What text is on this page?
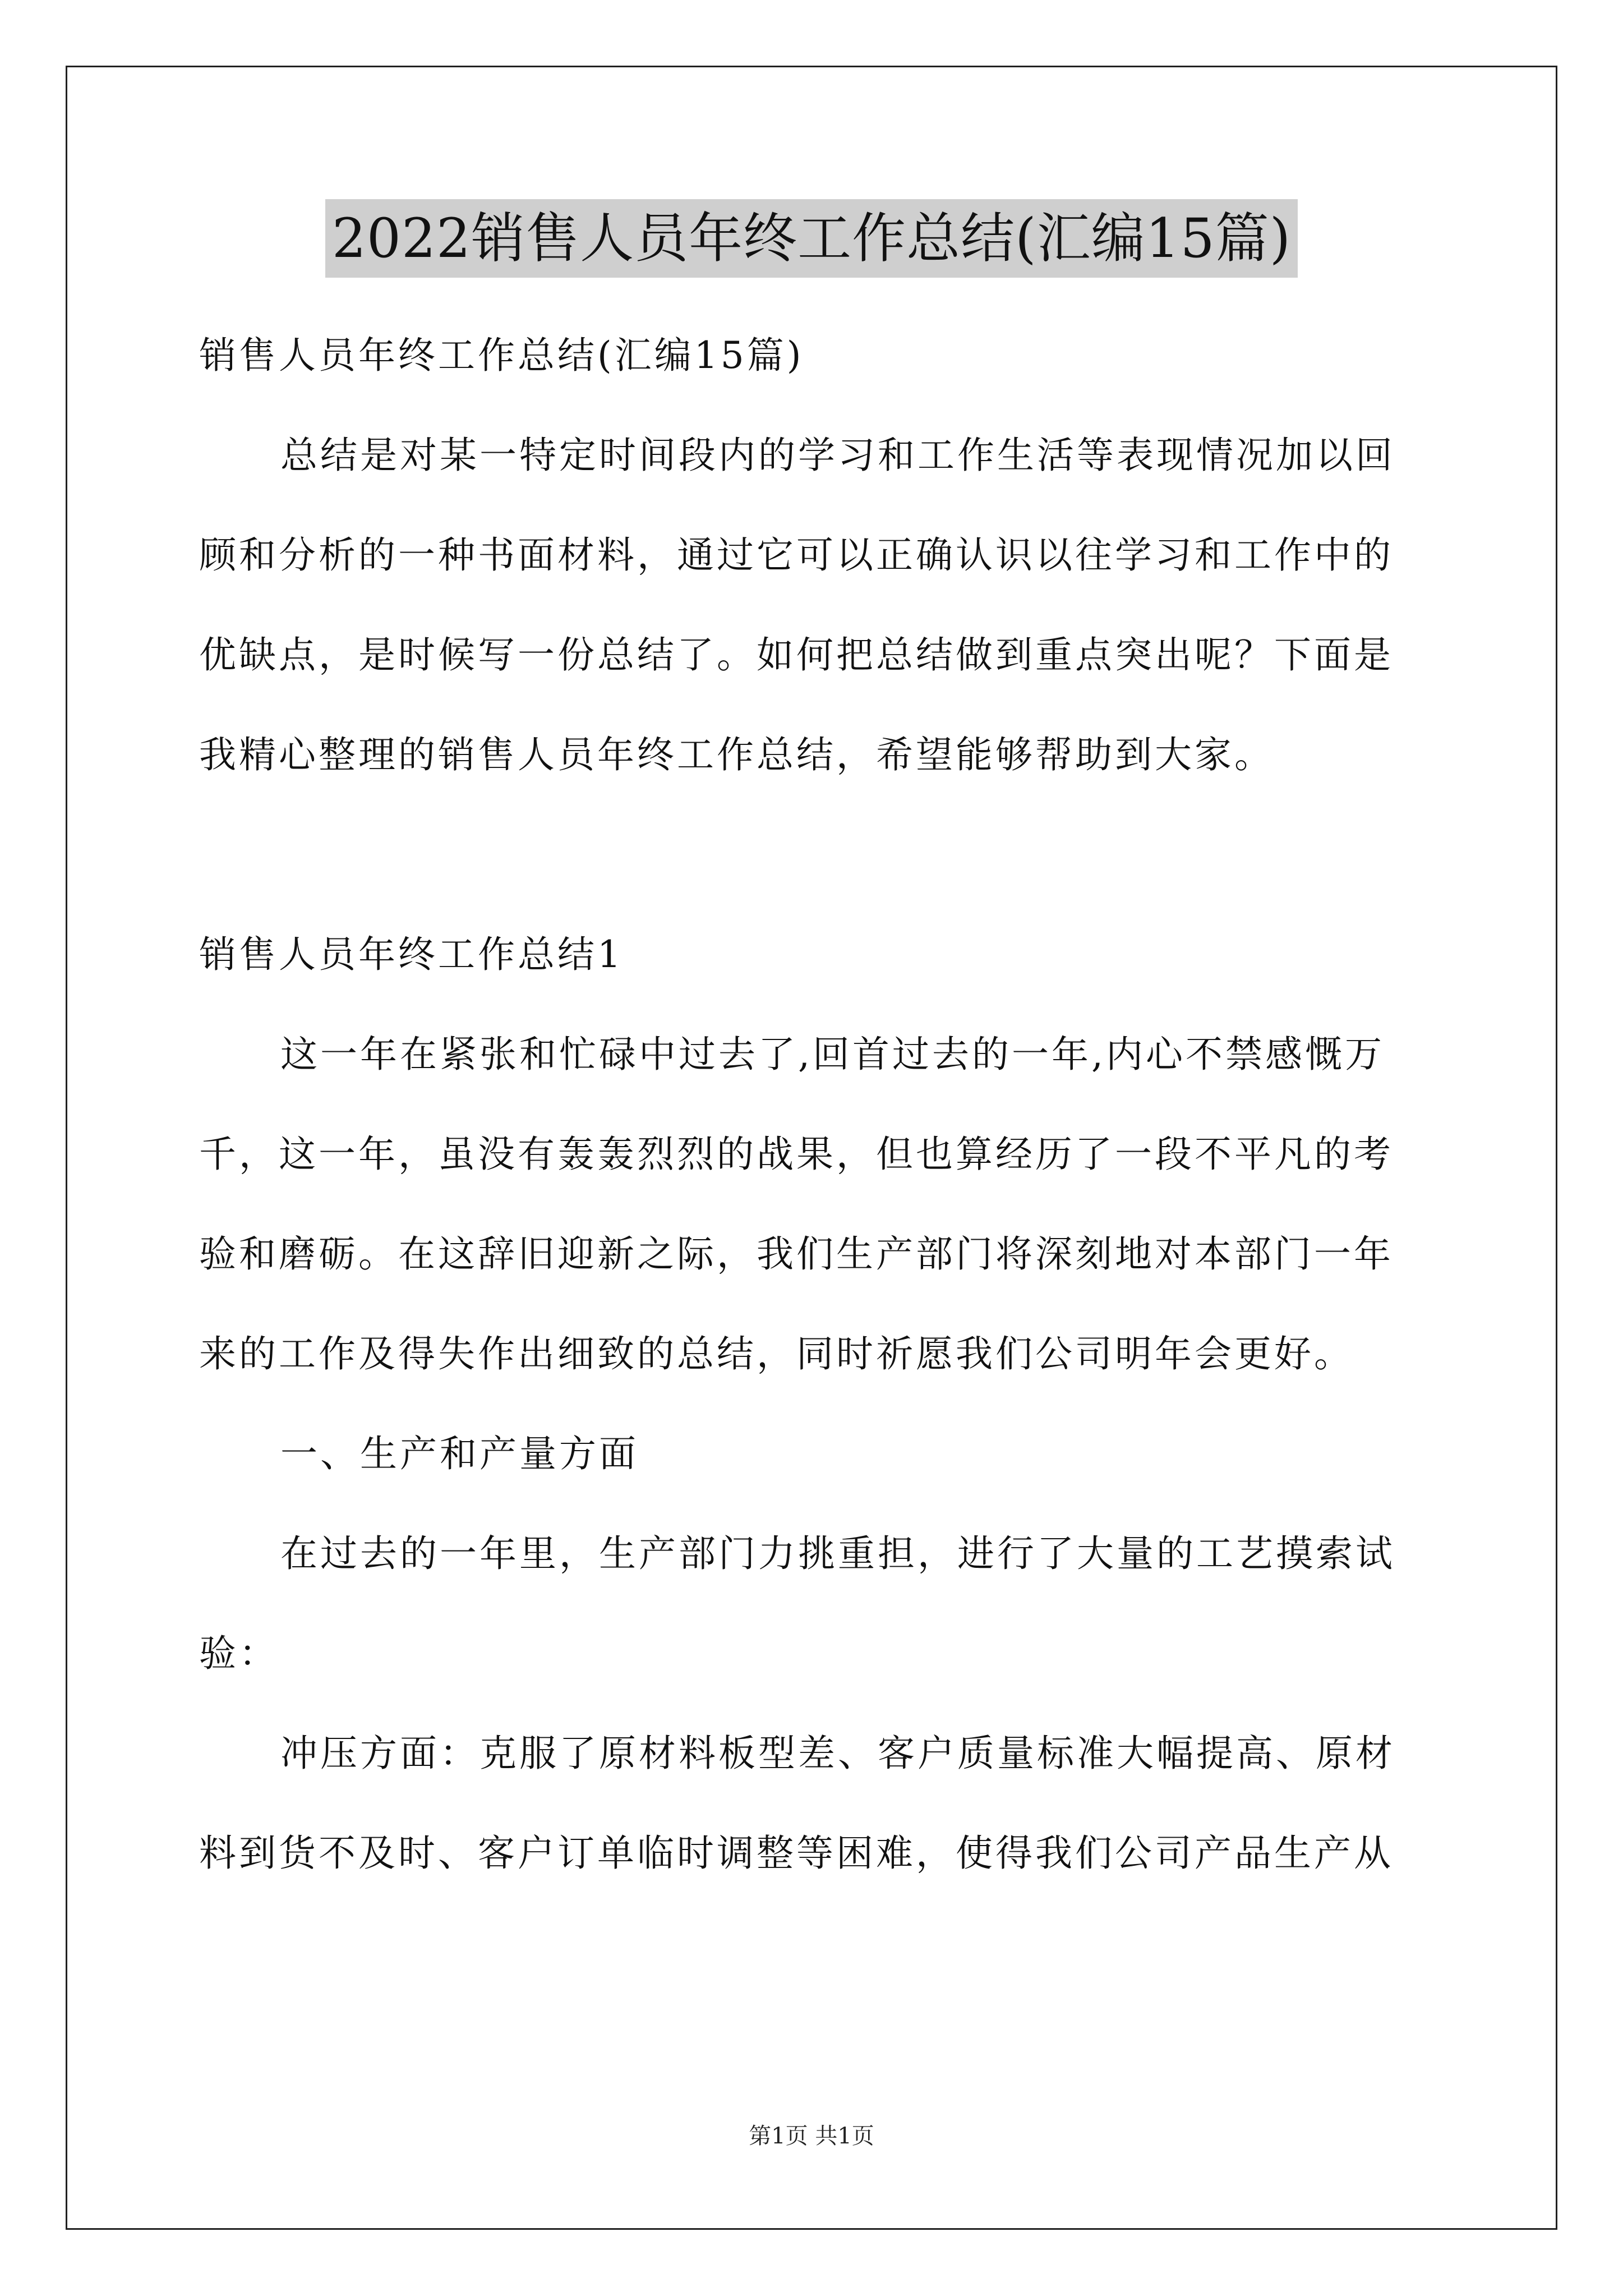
2022销售人员年终工作总结(汇编15篇)
销售人员年终工作总结(汇编15篇)
总结是对某一特定时间段内的学习和工作生活等表现情况加以回
顾和分析的一种书面材料，通过它可以正确认识以往学习和工作中的
优缺点，是时候写一份总结了。如何把总结做到重点突出呢？下面是
我精心整理的销售人员年终工作总结，希望能够帮助到大家。
销售人员年终工作总结1
这一年在紧张和忙碌中过去了,回首过去的一年,内心不禁感慨万
千，这一年，虽没有轰轰烈烈的战果，但也算经历了一段不平凡的考
验和磨砺。在这辞旧迎新之际，我们生产部门将深刻地对本部门一年
来的工作及得失作出细致的总结，同时祈愿我们公司明年会更好。
一、生产和产量方面
在过去的一年里，生产部门力挑重担，进行了大量的工艺摸索试
验：
冲压方面：克服了原材料板型差、客户质量标准大幅提高、原材
料到货不及时、客户订单临时调整等困难，使得我们公司产品生产从
第1页 共1页
